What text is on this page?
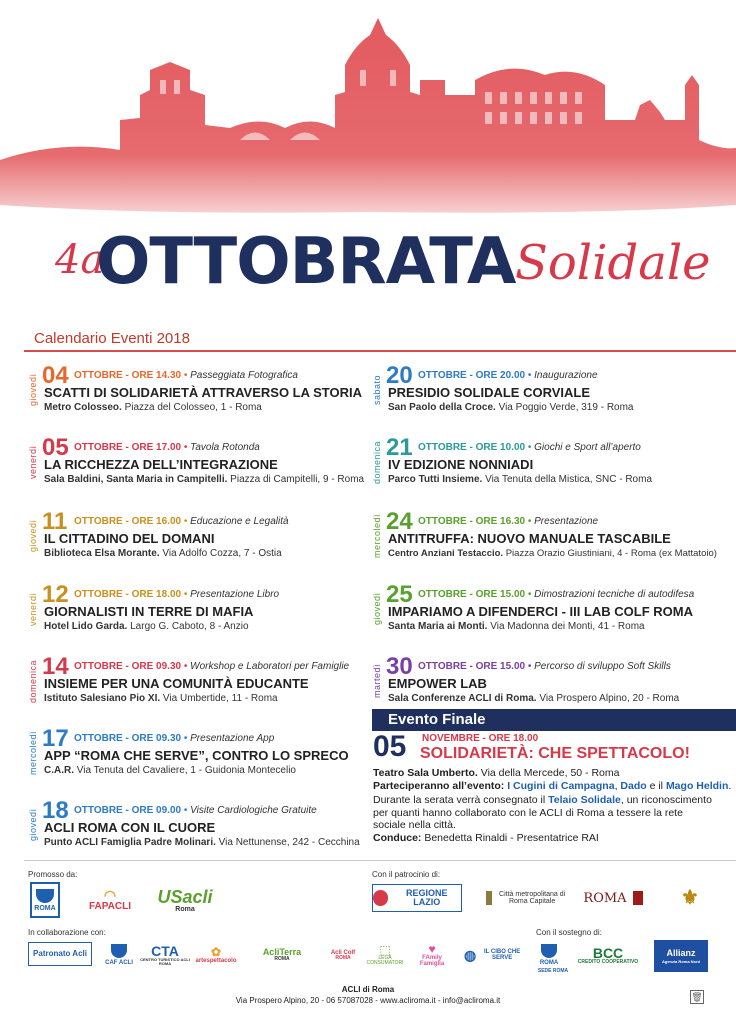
4a
OTTOBRATA Solidale
Calendario Eventi 2018
giovedì 04 OTTOBRE - ORE 14.30 • Passeggiata Fotografica
SCATTI DI SOLIDARIETÀ ATTRAVERSO LA STORIA
Metro Colosseo. Piazza del Colosseo, 1 - Roma
venerdì 05 OTTOBRE - ORE 17.00 • Tavola Rotonda
LA RICCHEZZA DELL’INTEGRAZIONE
Sala Baldini, Santa Maria in Campitelli. Piazza di Campitelli, 9 - Roma
giovedì 11 OTTOBRE - ORE 16.00 • Educazione e Legalità
IL CITTADINO DEL DOMANI
Biblioteca Elsa Morante. Via Adolfo Cozza, 7 - Ostia
venerdì 12 OTTOBRE - ORE 18.00 • Presentazione Libro
GIORNALISTI IN TERRE DI MAFIA
Hotel Lido Garda. Largo G. Caboto, 8 - Anzio
domenica 14 OTTOBRE - ORE 09.30 • Workshop e Laboratori per Famiglie
INSIEME PER UNA COMUNITÀ EDUCANTE
Istituto Salesiano Pio XI. Via Umbertide, 11 - Roma
mercoledì 17 OTTOBRE - ORE 09.30 • Presentazione App
APP “ROMA CHE SERVE”, CONTRO LO SPRECO
C.A.R. Via Tenuta del Cavaliere, 1 - Guidonia Montecelio
giovedì 18 OTTOBRE - ORE 09.00 • Visite Cardiologiche Gratuite
ACLI ROMA CON IL CUORE
Punto ACLI Famiglia Padre Molinari. Via Nettunense, 242 - Cecchina
sabato 20 OTTOBRE - ORE 20.00 • Inaugurazione
PRESIDIO SOLIDALE CORVIALE
San Paolo della Croce. Via Poggio Verde, 319 - Roma
domenica 21 OTTOBRE - ORE 10.00 • Giochi e Sport all’aperto
IV EDIZIONE NONNIADI
Parco Tutti Insieme. Via Tenuta della Mistica, SNC - Roma
mercoledì 24 OTTOBRE - ORE 16.30 • Presentazione
ANTITRUFFA: NUOVO MANUALE TASCABILE
Centro Anziani Testaccio. Piazza Orazio Giustiniani, 4 - Roma (ex Mattatoio)
giovedì 25 OTTOBRE - ORE 15.00 • Dimostrazioni tecniche di autodifesa
IMPARIAMO A DIFENDERCI - III LAB COLF ROMA
Santa Maria ai Monti. Via Madonna dei Monti, 41 - Roma
martedì 30 OTTOBRE - ORE 15.00 • Percorso di sviluppo Soft Skills
EMPOWER LAB
Sala Conferenze ACLI di Roma. Via Prospero Alpino, 20 - Roma
Evento Finale
05 NOVEMBRE - ORE 18.00
SOLIDARIETÀ: CHE SPETTACOLO!
Teatro Sala Umberto. Via della Mercede, 50 - Roma
Parteciperanno all’evento: I Cugini di Campagna, Dado e il Mago Heldin.
Durante la serata verrà consegnato il Telaio Solidale, un riconoscimento per quanti hanno collaborato con le ACLI di Roma a tessere la rete sociale nella città.
Conduce: Benedetta Rinaldi - Presentatrice RAI
Promosso da:
ROMA
◠
FAPACLI USacli
Roma
Con il patrocinio di:
REGIONE LAZIO
Città metropolitana di Roma Capitale	ROMA	⚜
In collaborazione con:
Patronato Acli
CAF ACLI
CTA
CENTRO TURISTICO ACLI
ROMA
✿
artespettacolo
AcliTerra
ROMA
Acli Colf
ROMA
⬚
LEGA CONSUMATORI
♥
FAmily Famiglia
◍	IL CIBO CHE SERVE
ROMA
Con il sostegno di:
SEDE ROMA
BCC
CREDITO COOPERATIVO
Allianz
Agenzia Roma Nord
ACLI di Roma
Via Prospero Alpino, 20 - 06 57087028 - www.acliroma.it - info@acliroma.it	🗑
